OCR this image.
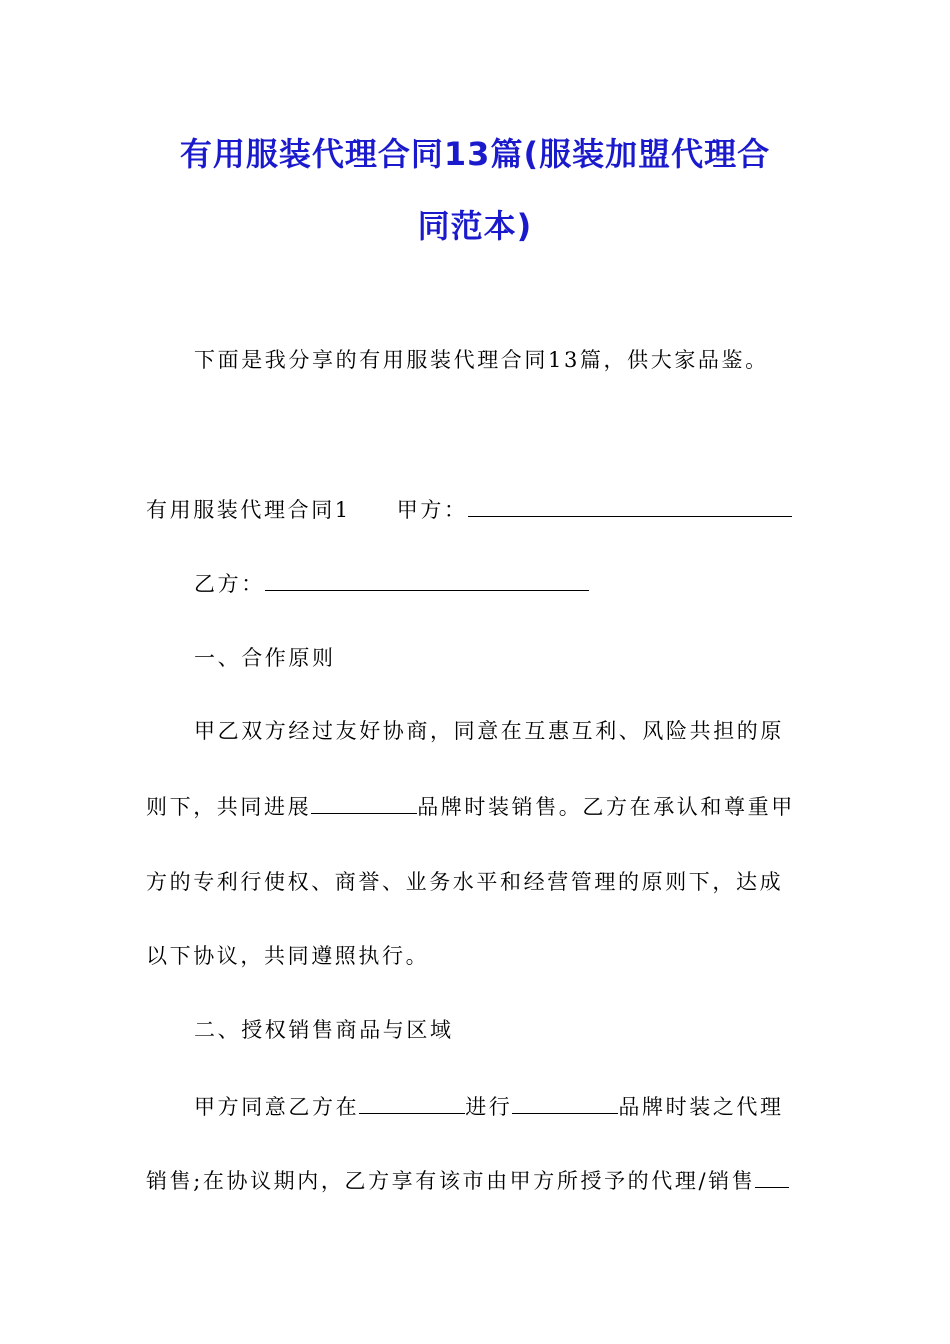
有用服装代理合同13篇(服装加盟代理合
同范本)
下面是我分享的有用服装代理合同13篇，供大家品鉴。
有用服装代理合同1 甲方：
乙方：
一、合作原则
甲乙双方经过友好协商，同意在互惠互利、风险共担的原
则下，共同进展	品牌时装销售。乙方在承认和尊重甲
方的专利行使权、商誉、业务水平和经营管理的原则下，达成
以下协议，共同遵照执行。
二、授权销售商品与区域
甲方同意乙方在	进行	品牌时装之代理
销售;在协议期内，乙方享有该市由甲方所授予的代理/销售
